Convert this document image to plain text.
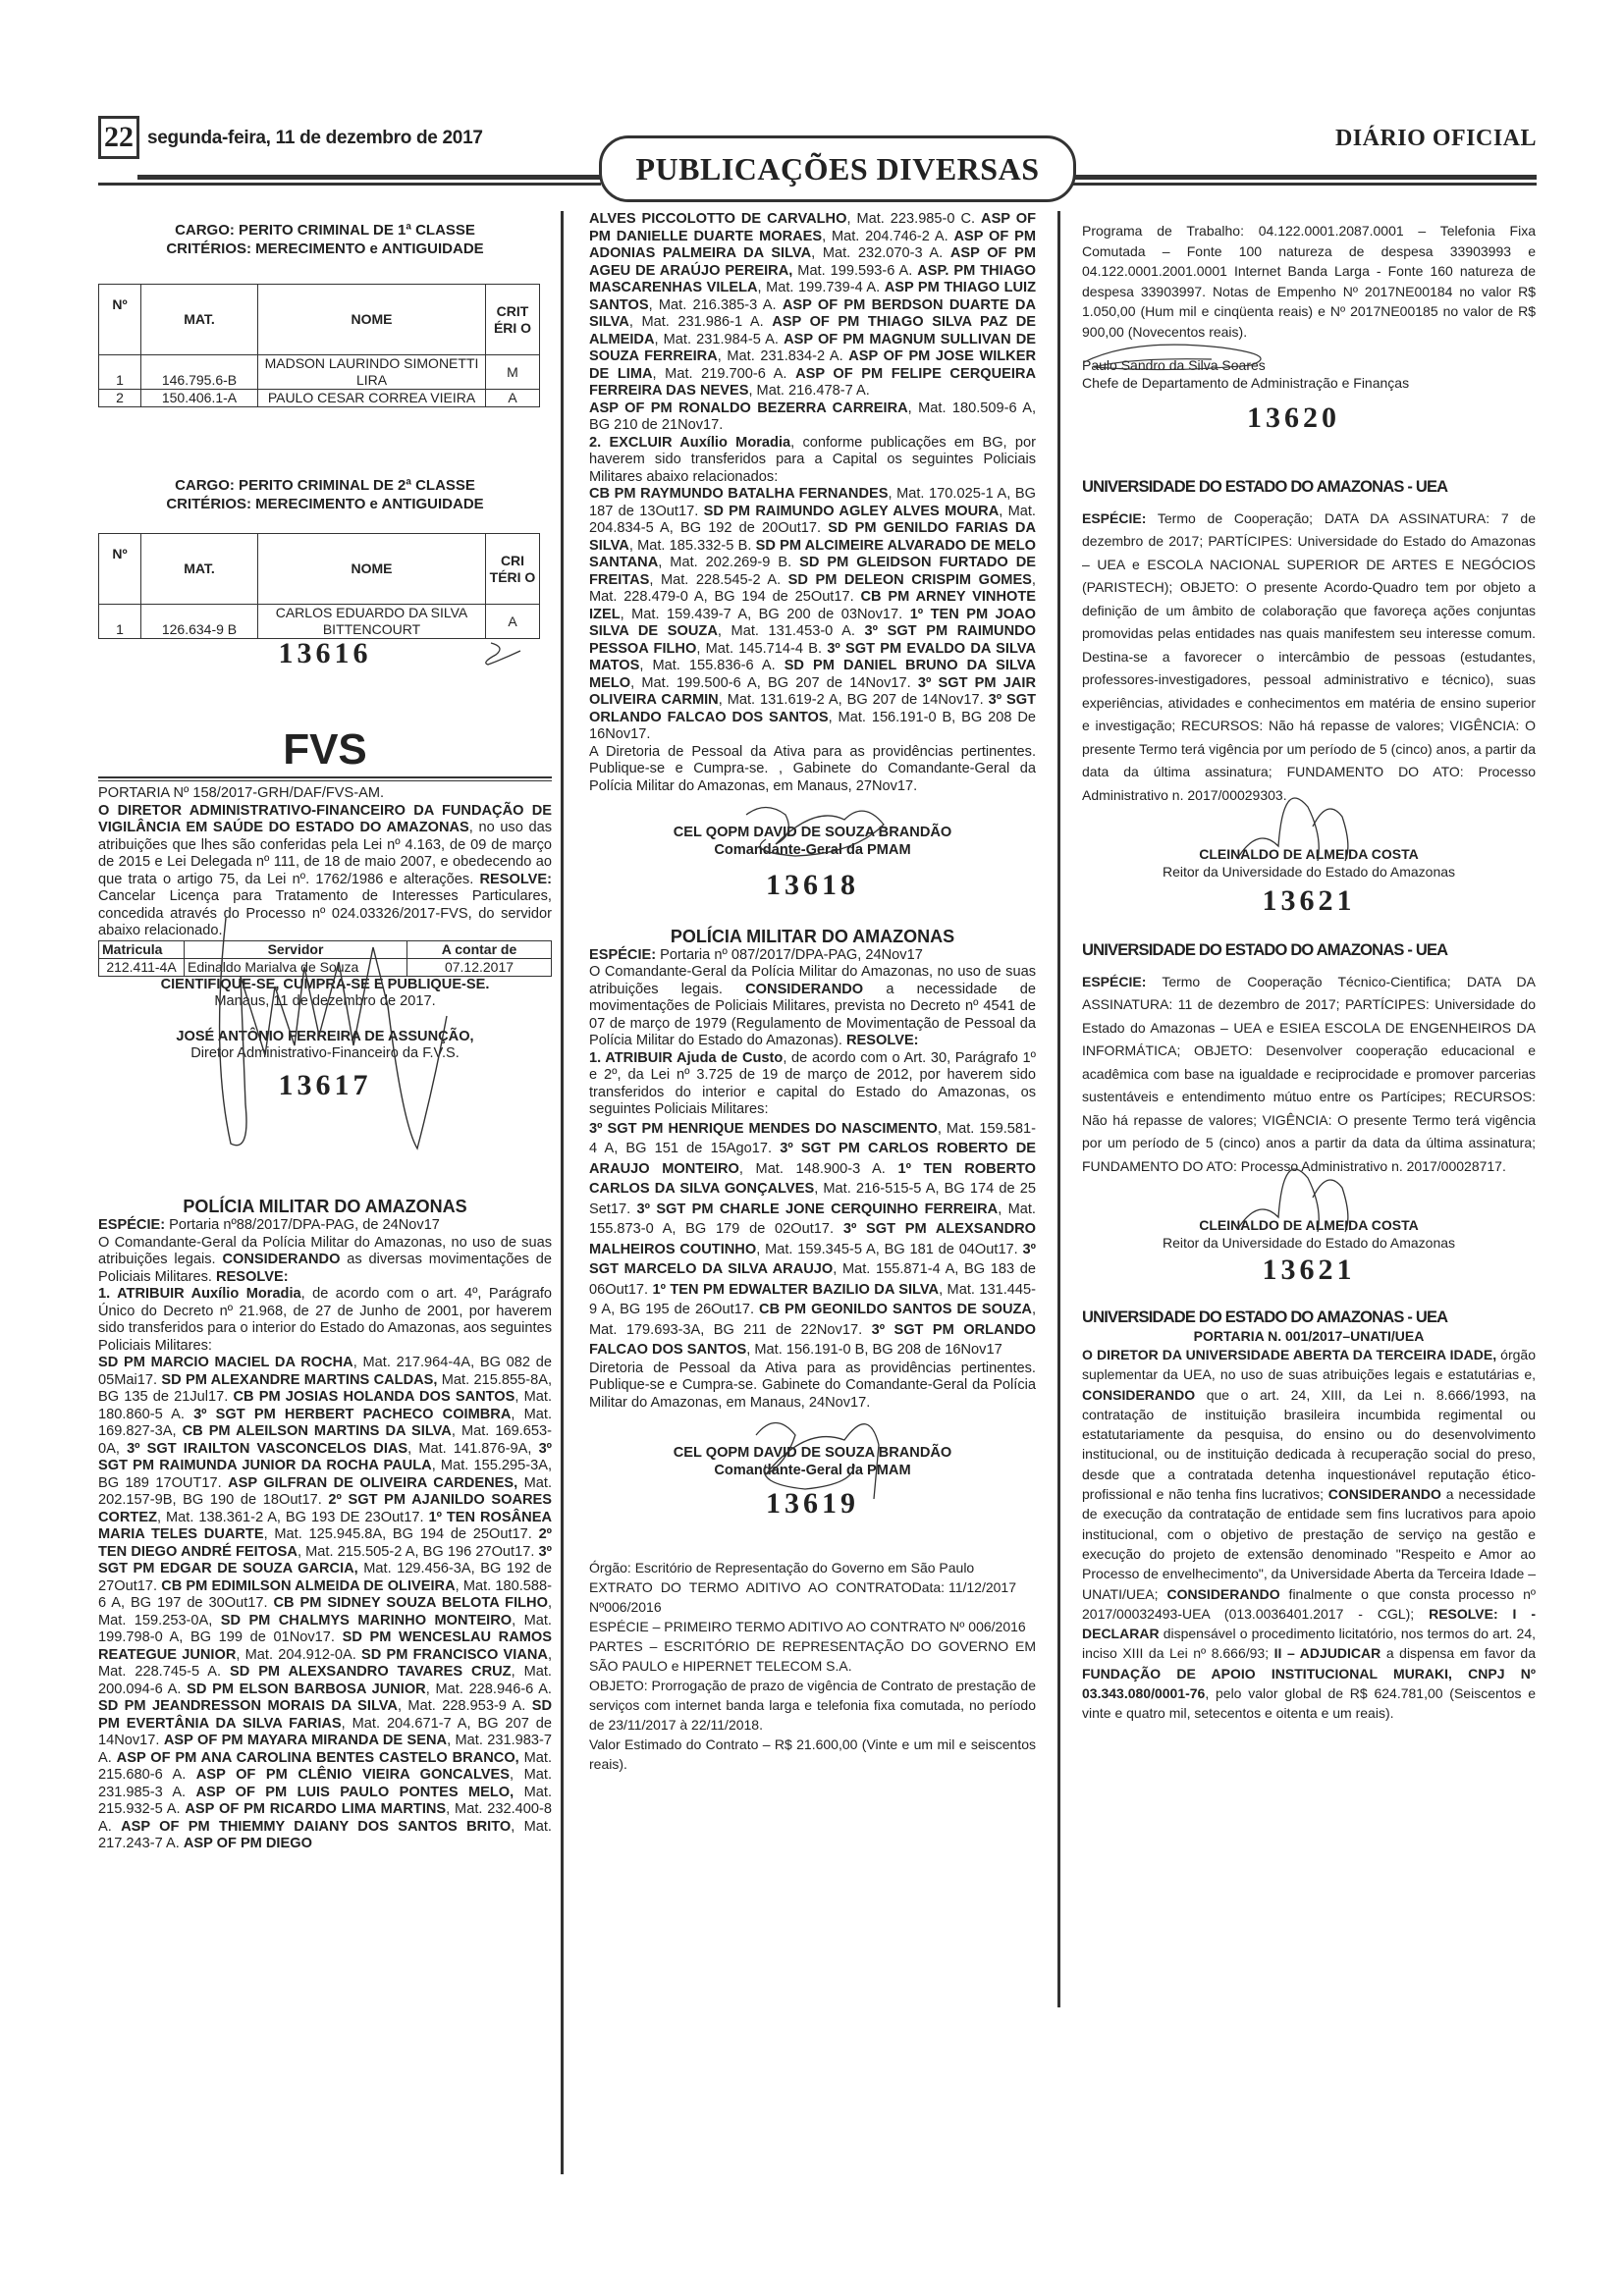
22 segunda-feira, 11 de dezembro de 2017
PUBLICAÇÕES DIVERSAS
DIÁRIO OFICIAL
CARGO: PERITO CRIMINAL DE 1ª CLASSE
CRITÉRIOS: MERECIMENTO e ANTIGUIDADE
Nº	MAT.	NOME	CRIT ÉRI O
1	146.795.6-B	MADSON LAURINDO SIMONETTI LIRA	M
2	150.406.1-A	PAULO CESAR CORREA VIEIRA	A
CARGO: PERITO CRIMINAL DE 2ª CLASSE
CRITÉRIOS: MERECIMENTO e ANTIGUIDADE
Nº	MAT.	NOME	CRI TÉRI O
1	126.634-9 B	CARLOS EDUARDO DA SILVA BITTENCOURT	A
13616
FVS

PORTARIA Nº 158/2017-GRH/DAF/FVS-AM.

O DIRETOR ADMINISTRATIVO-FINANCEIRO DA FUNDAÇÃO DE VIGILÂNCIA EM SAÚDE DO ESTADO DO AMAZONAS, no uso das atribuições que lhes são conferidas pela Lei nº 4.163, de 09 de março de 2015 e Lei Delegada nº 111, de 18 de maio 2007, e obedecendo ao que trata o artigo 75, da Lei nº. 1762/1986 e alterações. RESOLVE: Cancelar Licença para Tratamento de Interesses Particulares, concedida através do Processo nº 024.03326/2017-FVS, do servidor abaixo relacionado.

Matricula	Servidor	A contar de
212.411-4A	Edinaldo Marialva de Souza	07.12.2017

CIENTIFIQUE-SE, CUMPRA-SE E PUBLIQUE-SE.

Manaus, 11 de dezembro de 2017.

JOSÉ ANTÔNIO FERREIRA DE ASSUNÇÃO,

Diretor Administrativo-Financeiro da F.V.S.

13617
POLÍCIA MILITAR DO AMAZONAS

ESPÉCIE: Portaria nº88/2017/DPA-PAG, de 24Nov17

O Comandante-Geral da Polícia Militar do Amazonas, no uso de suas atribuições legais. CONSIDERANDO as diversas movimentações de Policiais Militares. RESOLVE:

1. ATRIBUIR Auxílio Moradia, de acordo com o art. 4º, Parágrafo Único do Decreto nº 21.968, de 27 de Junho de 2001, por haverem sido transferidos para o interior do Estado do Amazonas, aos seguintes Policiais Militares:

SD PM MARCIO MACIEL DA ROCHA, Mat. 217.964-4A, BG 082 de 05Mai17. SD PM ALEXANDRE MARTINS CALDAS, Mat. 215.855-8A, BG 135 de 21Jul17. CB PM JOSIAS HOLANDA DOS SANTOS, Mat. 180.860-5 A. 3º SGT PM HERBERT PACHECO COIMBRA, Mat. 169.827-3A, CB PM ALEILSON MARTINS DA SILVA, Mat. 169.653-0A, 3º SGT IRAILTON VASCONCELOS DIAS, Mat. 141.876-9A, 3º SGT PM RAIMUNDA JUNIOR DA ROCHA PAULA, Mat. 155.295-3A, BG 189 17OUT17. ASP GILFRAN DE OLIVEIRA CARDENES, Mat. 202.157-9B, BG 190 de 18Out17. 2º SGT PM AJANILDO SOARES CORTEZ, Mat. 138.361-2 A, BG 193 DE 23Out17. 1º TEN ROSÂNEA MARIA TELES DUARTE, Mat. 125.945.8A, BG 194 de 25Out17. 2º TEN DIEGO ANDRÉ FEITOSA, Mat. 215.505-2 A, BG 196 27Out17. 3º SGT PM EDGAR DE SOUZA GARCIA, Mat. 129.456-3A, BG 192 de 27Out17. CB PM EDIMILSON ALMEIDA DE OLIVEIRA, Mat. 180.588-6 A, BG 197 de 30Out17. CB PM SIDNEY SOUZA BELOTA FILHO, Mat. 159.253-0A, SD PM CHALMYS MARINHO MONTEIRO, Mat. 199.798-0 A, BG 199 de 01Nov17. SD PM WENCESLAU RAMOS REATEGUE JUNIOR, Mat. 204.912-0A. SD PM FRANCISCO VIANA, Mat. 228.745-5 A. SD PM ALEXSANDRO TAVARES CRUZ, Mat. 200.094-6 A. SD PM ELSON BARBOSA JUNIOR, Mat. 228.946-6 A. SD PM JEANDRESSON MORAIS DA SILVA, Mat. 228.953-9 A. SD PM EVERTÂNIA DA SILVA FARIAS, Mat. 204.671-7 A, BG 207 de 14Nov17. ASP OF PM MAYARA MIRANDA DE SENA, Mat. 231.983-7 A. ASP OF PM ANA CAROLINA BENTES CASTELO BRANCO, Mat. 215.680-6 A. ASP OF PM CLÊNIO VIEIRA GONCALVES, Mat. 231.985-3 A. ASP OF PM LUIS PAULO PONTES MELO, Mat. 215.932-5 A. ASP OF PM RICARDO LIMA MARTINS, Mat. 232.400-8 A. ASP OF PM THIEMMY DAIANY DOS SANTOS BRITO, Mat. 217.243-7 A. ASP OF PM DIEGO

ALVES PICCOLOTTO DE CARVALHO, Mat. 223.985-0 C. ASP OF PM DANIELLE DUARTE MORAES, Mat. 204.746-2 A. ASP OF PM ADONIAS PALMEIRA DA SILVA, Mat. 232.070-3 A. ASP OF PM AGEU DE ARAÚJO PEREIRA, Mat. 199.593-6 A. ASP. PM THIAGO MASCARENHAS VILELA, Mat. 199.739-4 A. ASP PM THIAGO LUIZ SANTOS, Mat. 216.385-3 A. ASP OF PM BERDSON DUARTE DA SILVA, Mat. 231.986-1 A. ASP OF PM THIAGO SILVA PAZ DE ALMEIDA, Mat. 231.984-5 A. ASP OF PM MAGNUM SULLIVAN DE SOUZA FERREIRA, Mat. 231.834-2 A. ASP OF PM JOSE WILKER DE LIMA, Mat. 219.700-6 A. ASP OF PM FELIPE CERQUEIRA FERREIRA DAS NEVES, Mat. 216.478-7 A.

ASP OF PM RONALDO BEZERRA CARREIRA, Mat. 180.509-6 A, BG 210 de 21Nov17.

2. EXCLUIR Auxílio Moradia, conforme publicações em BG, por haverem sido transferidos para a Capital os seguintes Policiais Militares abaixo relacionados:

CB PM RAYMUNDO BATALHA FERNANDES, Mat. 170.025-1 A, BG 187 de 13Out17. SD PM RAIMUNDO AGLEY ALVES MOURA, Mat. 204.834-5 A, BG 192 de 20Out17. SD PM GENILDO FARIAS DA SILVA, Mat. 185.332-5 B. SD PM ALCIMEIRE ALVARADO DE MELO SANTANA, Mat. 202.269-9 B. SD PM GLEIDSON FURTADO DE FREITAS, Mat. 228.545-2 A. SD PM DELEON CRISPIM GOMES, Mat. 228.479-0 A, BG 194 de 25Out17. CB PM ARNEY VINHOTE IZEL, Mat. 159.439-7 A, BG 200 de 03Nov17. 1º TEN PM JOAO SILVA DE SOUZA, Mat. 131.453-0 A. 3º SGT PM RAIMUNDO PESSOA FILHO, Mat. 145.714-4 B. 3º SGT PM EVALDO DA SILVA MATOS, Mat. 155.836-6 A. SD PM DANIEL BRUNO DA SILVA MELO, Mat. 199.500-6 A, BG 207 de 14Nov17. 3º SGT PM JAIR OLIVEIRA CARMIN, Mat. 131.619-2 A, BG 207 de 14Nov17. 3º SGT ORLANDO FALCAO DOS SANTOS, Mat. 156.191-0 B, BG 208 De 16Nov17.

A Diretoria de Pessoal da Ativa para as providências pertinentes. Publique-se e Cumpra-se. , Gabinete do Comandante-Geral da Polícia Militar do Amazonas, em Manaus, 27Nov17.

CEL QOPM DAVID DE SOUZA BRANDÃO

Comandante-Geral da PMAM

13618
POLÍCIA MILITAR DO AMAZONAS

ESPÉCIE: Portaria nº 087/2017/DPA-PAG, 24Nov17

O Comandante-Geral da Polícia Militar do Amazonas, no uso de suas atribuições legais. CONSIDERANDO a necessidade de movimentações de Policiais Militares, prevista no Decreto nº 4541 de 07 de março de 1979 (Regulamento de Movimentação de Pessoal da Polícia Militar do Estado do Amazonas). RESOLVE:

1. ATRIBUIR Ajuda de Custo, de acordo com o Art. 30, Parágrafo 1º e 2º, da Lei nº 3.725 de 19 de março de 2012, por haverem sido transferidos do interior e capital do Estado do Amazonas, os seguintes Policiais Militares:

3º SGT PM HENRIQUE MENDES DO NASCIMENTO, Mat. 159.581-4 A, BG 151 de 15Ago17. 3º SGT PM CARLOS ROBERTO DE ARAUJO MONTEIRO, Mat. 148.900-3 A. 1º TEN ROBERTO CARLOS DA SILVA GONÇALVES, Mat. 216-515-5 A, BG 174 de 25 Set17. 3º SGT PM CHARLE JONE CERQUINHO FERREIRA, Mat. 155.873-0 A, BG 179 de 02Out17. 3º SGT PM ALEXSANDRO MALHEIROS COUTINHO, Mat. 159.345-5 A, BG 181 de 04Out17. 3º SGT MARCELO DA SILVA ARAUJO, Mat. 155.871-4 A, BG 183 de 06Out17. 1º TEN PM EDWALTER BAZILIO DA SILVA, Mat. 131.445-9 A, BG 195 de 26Out17. CB PM GEONILDO SANTOS DE SOUZA, Mat. 179.693-3A, BG 211 de 22Nov17. 3º SGT PM ORLANDO FALCAO DOS SANTOS, Mat. 156.191-0 B, BG 208 de 16Nov17

Diretoria de Pessoal da Ativa para as providências pertinentes. Publique-se e Cumpra-se. Gabinete do Comandante-Geral da Polícia Militar do Amazonas, em Manaus, 24Nov17.

CEL QOPM DAVID DE SOUZA BRANDÃO

Comandante-Geral da PMAM

13619

Órgão: Escritório de Representação do Governo em São Paulo
Data: 11/12/2017

EXTRATO DO TERMO ADITIVO AO CONTRATO Nº006/2016

ESPÉCIE – PRIMEIRO TERMO ADITIVO AO CONTRATO Nº 006/2016

PARTES – ESCRITÓRIO DE REPRESENTAÇÃO DO GOVERNO EM SÃO PAULO e HIPERNET TELECOM S.A.

OBJETO: Prorrogação de prazo de vigência de Contrato de prestação de serviços com internet banda larga e telefonia fixa comutada, no período de 23/11/2017 à 22/11/2018.

Valor Estimado do Contrato – R$ 21.600,00 (Vinte e um mil e seiscentos reais).

Programa de Trabalho: 04.122.0001.2087.0001 – Telefonia Fixa Comutada – Fonte 100 natureza de despesa 33903993 e 04.122.0001.2001.0001 Internet Banda Larga - Fonte 160 natureza de despesa 33903997. Notas de Empenho Nº 2017NE00184 no valor R$ 1.050,00 (Hum mil e cinqüenta reais) e Nº 2017NE00185 no valor de R$ 900,00 (Novecentos reais).

Paulo Sandro da Silva Soares

Chefe de Departamento de Administração e Finanças

13620
UNIVERSIDADE DO ESTADO DO AMAZONAS - UEA

ESPÉCIE: Termo de Cooperação; DATA DA ASSINATURA: 7 de dezembro de 2017; PARTÍCIPES: Universidade do Estado do Amazonas – UEA e ESCOLA NACIONAL SUPERIOR DE ARTES E NEGÓCIOS (PARISTECH); OBJETO: O presente Acordo-Quadro tem por objeto a definição de um âmbito de colaboração que favoreça ações conjuntas promovidas pelas entidades nas quais manifestem seu interesse comum. Destina-se a favorecer o intercâmbio de pessoas (estudantes, professores-investigadores, pessoal administrativo e técnico), suas experiências, atividades e conhecimentos em matéria de ensino superior e investigação; RECURSOS: Não há repasse de valores; VIGÊNCIA: O presente Termo terá vigência por um período de 5 (cinco) anos, a partir da data da última assinatura; FUNDAMENTO DO ATO: Processo Administrativo n. 2017/00029303.

CLEINALDO DE ALMEIDA COSTA

Reitor da Universidade do Estado do Amazonas

13621
UNIVERSIDADE DO ESTADO DO AMAZONAS - UEA

ESPÉCIE: Termo de Cooperação Técnico-Cientifica; DATA DA ASSINATURA: 11 de dezembro de 2017; PARTÍCIPES: Universidade do Estado do Amazonas – UEA e ESIEA ESCOLA DE ENGENHEIROS DA INFORMÁTICA; OBJETO: Desenvolver cooperação educacional e acadêmica com base na igualdade e reciprocidade e promover parcerias sustentáveis e entendimento mútuo entre os Partícipes; RECURSOS: Não há repasse de valores; VIGÊNCIA: O presente Termo terá vigência por um período de 5 (cinco) anos a partir da data da última assinatura; FUNDAMENTO DO ATO: Processo Administrativo n. 2017/00028717.

CLEINALDO DE ALMEIDA COSTA

Reitor da Universidade do Estado do Amazonas

13621
UNIVERSIDADE DO ESTADO DO AMAZONAS - UEA

PORTARIA N. 001/2017–UNATI/UEA

O DIRETOR DA UNIVERSIDADE ABERTA DA TERCEIRA IDADE, órgão suplementar da UEA, no uso de suas atribuições legais e estatutárias e, CONSIDERANDO que o art. 24, XIII, da Lei n. 8.666/1993, na contratação de instituição brasileira incumbida regimental ou estatutariamente da pesquisa, do ensino ou do desenvolvimento institucional, ou de instituição dedicada à recuperação social do preso, desde que a contratada detenha inquestionável reputação ético-profissional e não tenha fins lucrativos; CONSIDERANDO a necessidade de execução da contratação de entidade sem fins lucrativos para apoio institucional, com o objetivo de prestação de serviço na gestão e execução do projeto de extensão denominado "Respeito e Amor ao Processo de envelhecimento", da Universidade Aberta da Terceira Idade – UNATI/UEA; CONSIDERANDO finalmente o que consta processo nº 2017/00032493-UEA (013.0036401.2017 - CGL); RESOLVE: I - DECLARAR dispensável o procedimento licitatório, nos termos do art. 24, inciso XIII da Lei nº 8.666/93; II – ADJUDICAR a dispensa em favor da FUNDAÇÃO DE APOIO INSTITUCIONAL MURAKI, CNPJ Nº 03.343.080/0001-76, pelo valor global de R$ 624.781,00 (Seiscentos e vinte e quatro mil, setecentos e oitenta e um reais).
